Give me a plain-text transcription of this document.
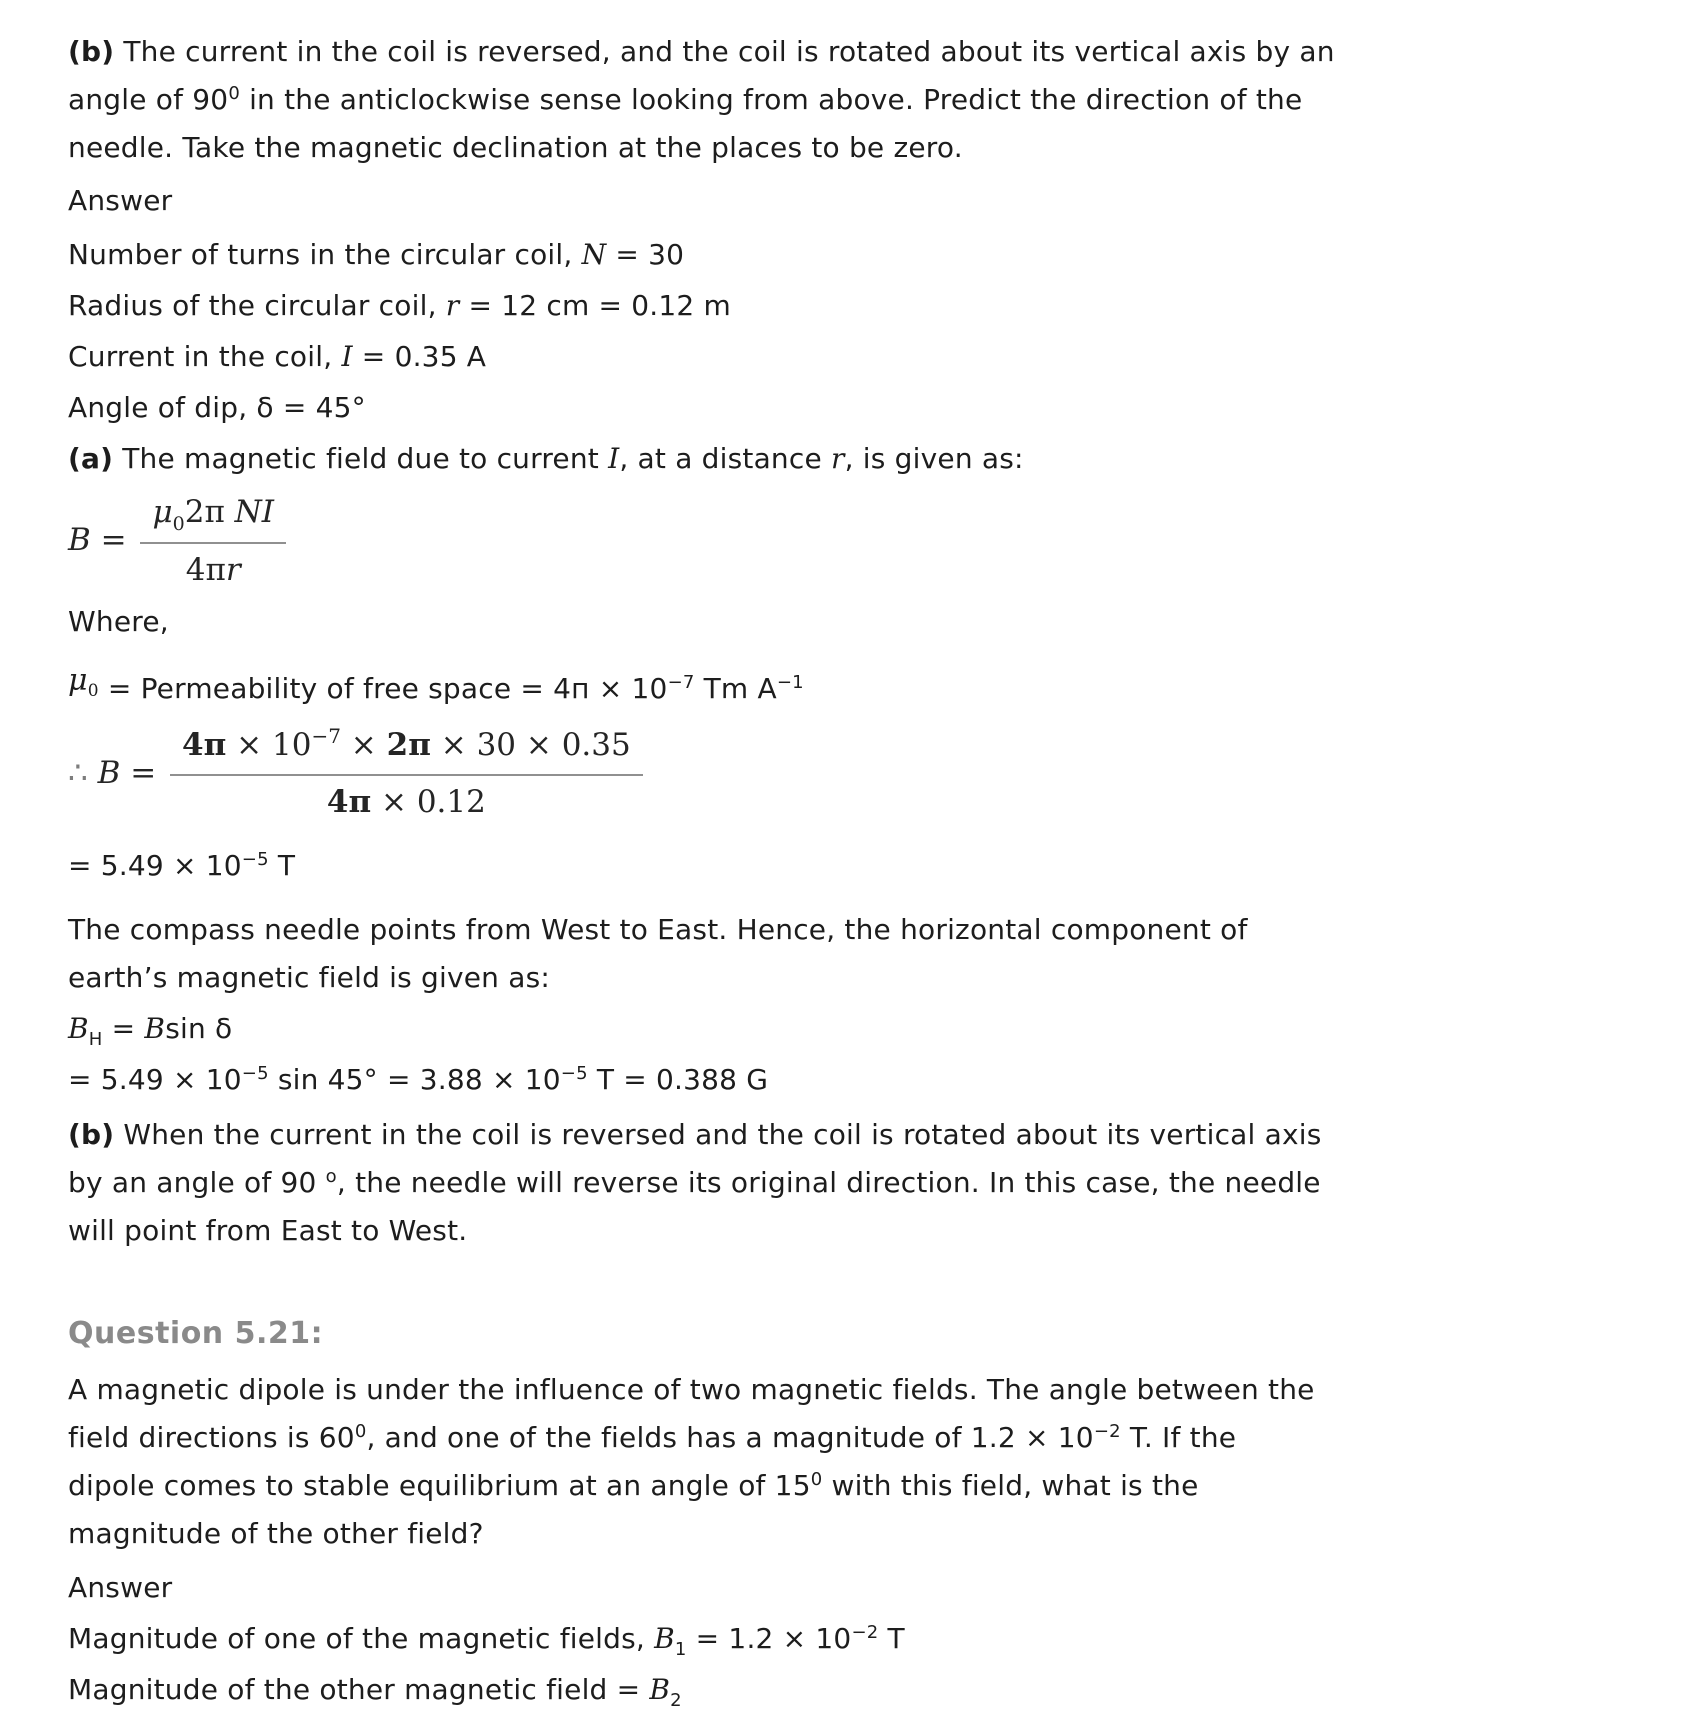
(b) The current in the coil is reversed, and the coil is rotated about its vertical axis by an
angle of $90^0$ in the anticlockwise sense looking from above. Predict the direction of the
needle. Take the magnetic declination at the places to be zero.
Answer
Number of turns in the circular coil, N = 30
Radius of the circular coil, r = 12 cm = 0.12 m
Current in the coil, I = 0.35 A
Angle of dip, δ = 45°
(a) The magnetic field due to current I, at a distance r, is given as:
$B = \frac{\mu_02\pi NI}{4\pi r}$
Where,
μ0 = Permeability of free space = $4п \times 10^{-7}$ Tm $A^{-1}$
∴ $B = \frac{4\pi \times 10^{-7} \times 2\pi \times 30 \times 0.35}{4\pi \times 0.12}$
= $5.49 \times 10^{-5}$ T
The compass needle points from West to East. Hence, the horizontal component of
earth’s magnetic field is given as:
$B_H = Bsin$ δ
= $5.49 \times 10^{-5}$ $\sin 45^\circ = 3.88 \times 10^{-5}$ T = 0.388 G
(b) When the current in the coil is reversed and the coil is rotated about its vertical axis
by an angle of 90 $^o$, the needle will reverse its original direction. In this case, the needle
will point from East to West.
Question 5.21:
A magnetic dipole is under the influence of two magnetic fields. The angle between the
field directions is $60^0$, and one of the fields has a magnitude of $1.2 \times 10^{-2}$ T. If the
dipole comes to stable equilibrium at an angle of $15^0$ with this field, what is the
magnitude of the other field?
Answer
Magnitude of one of the magnetic fields, $B_1 = 1.2 \times 10^{-2}$ T
Magnitude of the other magnetic field = $B_2$
